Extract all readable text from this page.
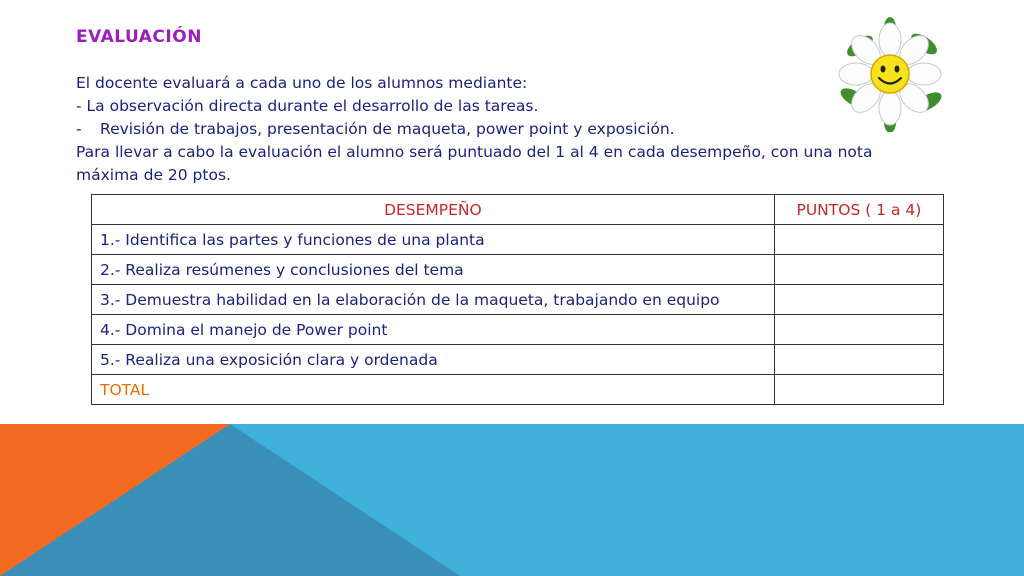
EVALUACIÓN
El docente evaluará a cada uno de los alumnos mediante:
- La observación directa durante el desarrollo de las tareas.
- Revisión de trabajos, presentación de maqueta, power point y exposición.
Para llevar a cabo la evaluación el alumno será puntuado del 1 al 4 en cada desempeño, con una nota máxima de 20 ptos.
DESEMPEÑO	PUNTOS ( 1 a 4)
1.- Identifica las partes y funciones de una planta	
2.- Realiza resúmenes y conclusiones del tema	
3.- Demuestra habilidad en la elaboración de la maqueta, trabajando en equipo	
4.- Domina el manejo de Power point	
5.- Realiza una exposición clara y ordenada	
TOTAL	
